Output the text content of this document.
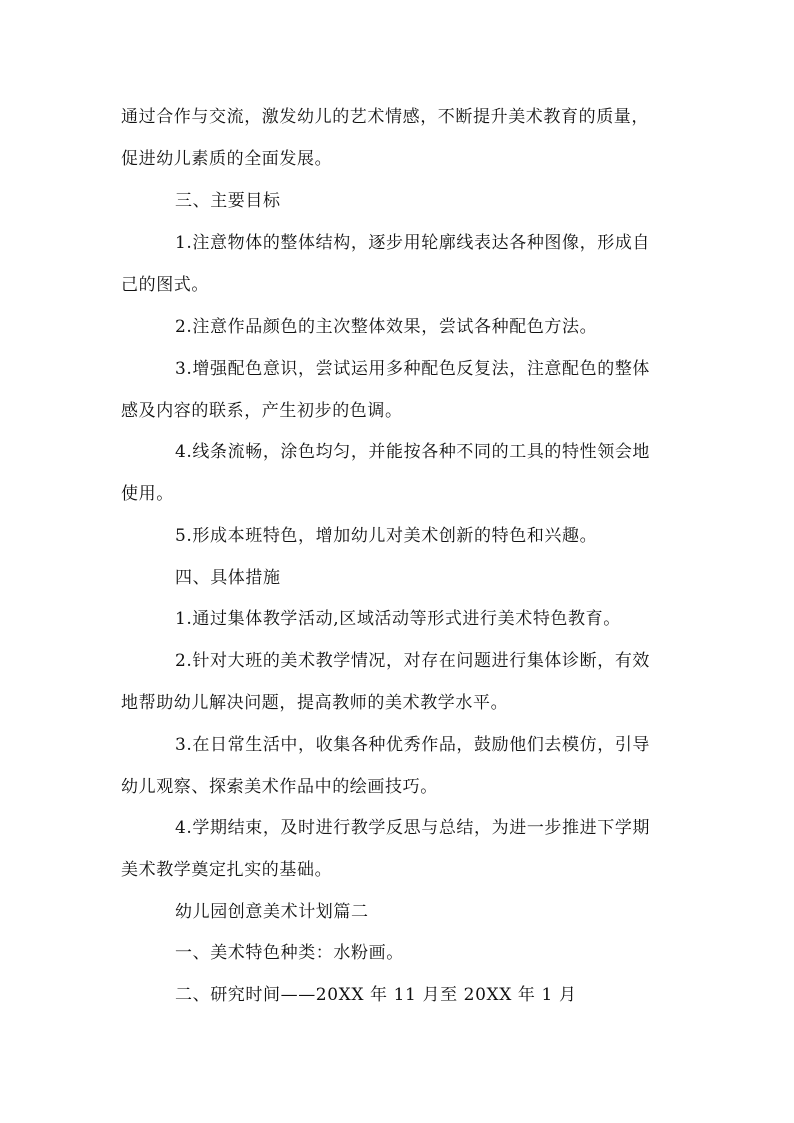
通过合作与交流，激发幼儿的艺术情感，不断提升美术教育的质量，
促进幼儿素质的全面发展。
三、主要目标
1.注意物体的整体结构，逐步用轮廓线表达各种图像，形成自
己的图式。
2.注意作品颜色的主次整体效果，尝试各种配色方法。
3.增强配色意识，尝试运用多种配色反复法，注意配色的整体
感及内容的联系，产生初步的色调。
4.线条流畅，涂色均匀，并能按各种不同的工具的特性领会地
使用。
5.形成本班特色，增加幼儿对美术创新的特色和兴趣。
四、具体措施
1.通过集体教学活动,区域活动等形式进行美术特色教育。
2.针对大班的美术教学情况，对存在问题进行集体诊断，有效
地帮助幼儿解决问题，提高教师的美术教学水平。
3.在日常生活中，收集各种优秀作品，鼓励他们去模仿，引导
幼儿观察、探索美术作品中的绘画技巧。
4.学期结束，及时进行教学反思与总结，为进一步推进下学期
美术教学奠定扎实的基础。
幼儿园创意美术计划篇二
一、美术特色种类：水粉画。
二、研究时间——20XX 年 11 月至 20XX 年 1 月
